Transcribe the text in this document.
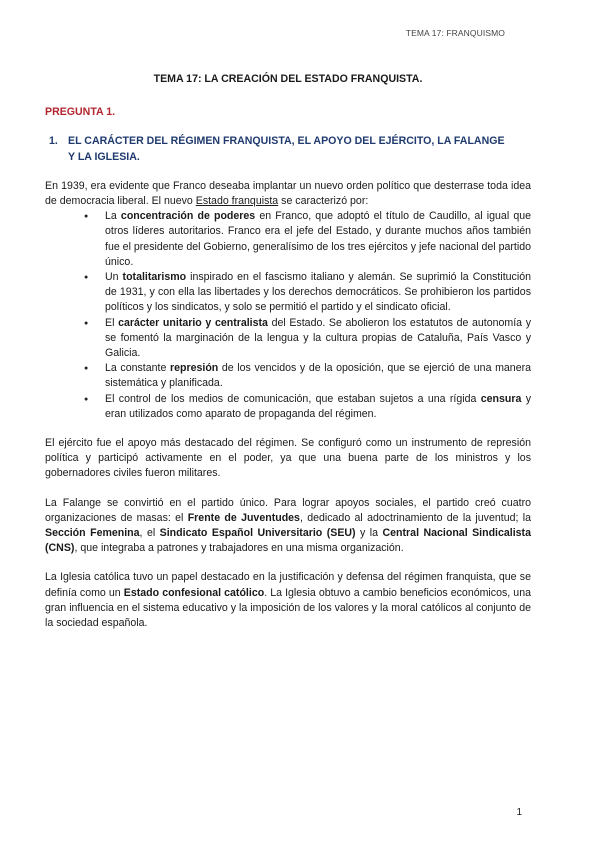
TEMA 17: FRANQUISMO
TEMA 17: LA CREACIÓN DEL ESTADO FRANQUISTA.
PREGUNTA 1.
1. EL CARÁCTER DEL RÉGIMEN FRANQUISTA, EL APOYO DEL EJÉRCITO, LA FALANGE Y LA IGLESIA.

En 1939, era evidente que Franco deseaba implantar un nuevo orden político que desterrase toda idea de democracia liberal. El nuevo Estado franquista se caracterizó por:

● La concentración de poderes en Franco, que adoptó el título de Caudillo, al igual que otros líderes autoritarios. Franco era el jefe del Estado, y durante muchos años también fue el presidente del Gobierno, generalísimo de los tres ejércitos y jefe nacional del partido único.
● Un totalitarismo inspirado en el fascismo italiano y alemán. Se suprimió la Constitución de 1931, y con ella las libertades y los derechos democráticos. Se prohibieron los partidos políticos y los sindicatos, y solo se permitió el partido y el sindicato oficial.
● El carácter unitario y centralista del Estado. Se abolieron los estatutos de autonomía y se fomentó la marginación de la lengua y la cultura propias de Cataluña, País Vasco y Galicia.
● La constante represión de los vencidos y de la oposición, que se ejerció de una manera sistemática y planificada.
● El control de los medios de comunicación, que estaban sujetos a una rígida censura y eran utilizados como aparato de propaganda del régimen.

El ejército fue el apoyo más destacado del régimen. Se configuró como un instrumento de represión política y participó activamente en el poder, ya que una buena parte de los ministros y los gobernadores civiles fueron militares.

La Falange se convirtió en el partido único. Para lograr apoyos sociales, el partido creó cuatro organizaciones de masas: el Frente de Juventudes, dedicado al adoctrinamiento de la juventud; la Sección Femenina, el Sindicato Español Universitario (SEU) y la Central Nacional Sindicalista (CNS), que integraba a patrones y trabajadores en una misma organización.

La Iglesia católica tuvo un papel destacado en la justificación y defensa del régimen franquista, que se definía como un Estado confesional católico. La Iglesia obtuvo a cambio beneficios económicos, una gran influencia en el sistema educativo y la imposición de los valores y la moral católicos al conjunto de la sociedad española.

1
